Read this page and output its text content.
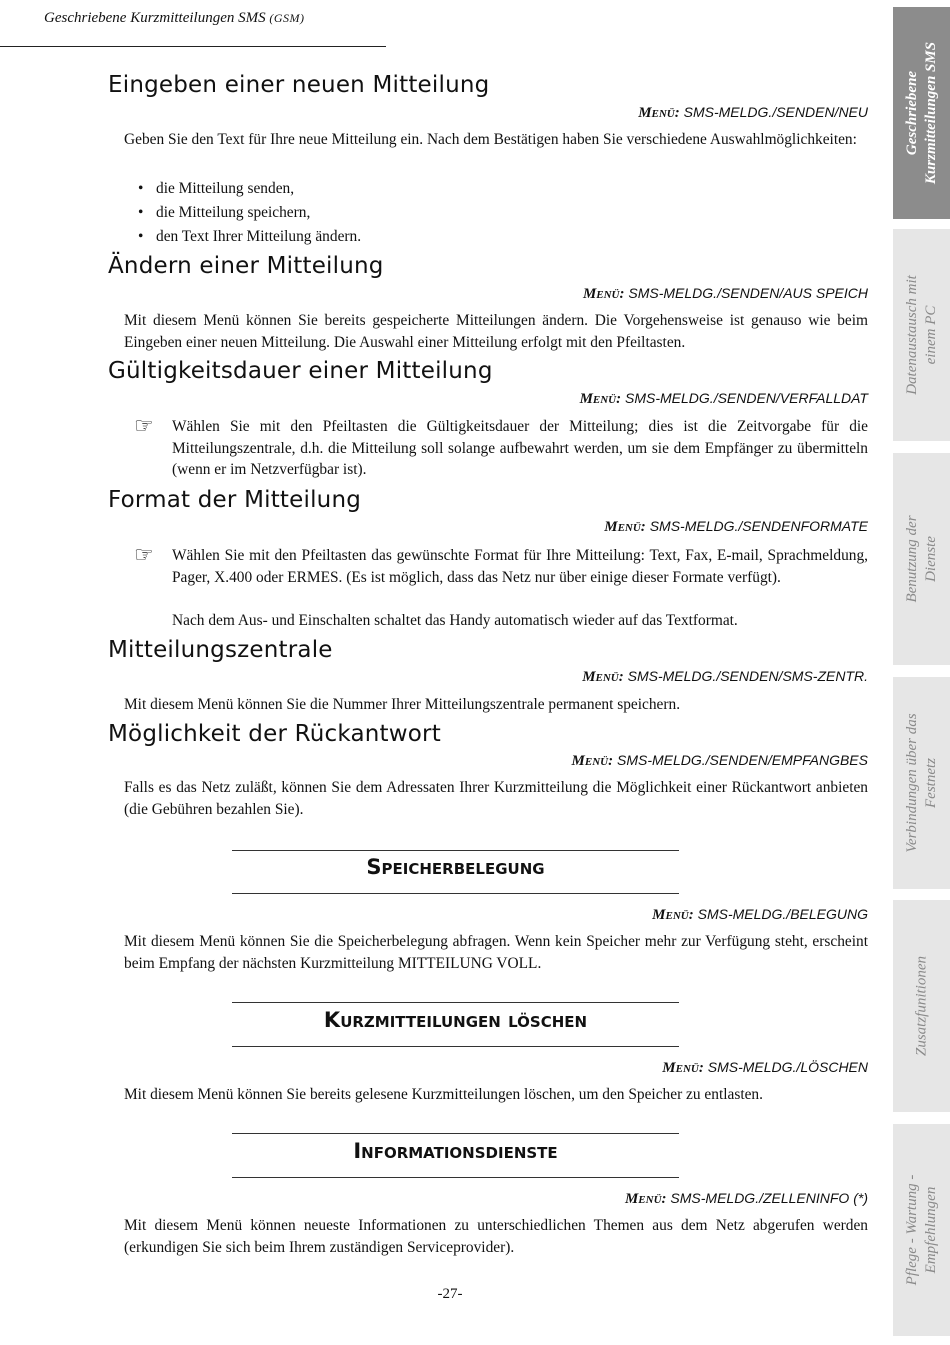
Geschriebene Kurzmitteilungen SMS (GSM)
Eingeben einer neuen Mitteilung
Menü: SMS-MELDG./SENDEN/NEU

Geben Sie den Text für Ihre neue Mitteilung ein. Nach dem Bestätigen haben Sie verschiedene Auswahlmöglichkeiten:

• die Mitteilung senden,
• die Mitteilung speichern,
• den Text Ihrer Mitteilung ändern.
Ändern einer Mitteilung
Menü: SMS-MELDG./SENDEN/AUS SPEICH

Mit diesem Menü können Sie bereits gespeicherte Mitteilungen ändern. Die Vorgehensweise ist genauso wie beim Eingeben einer neuen Mitteilung. Die Auswahl einer Mitteilung erfolgt mit den Pfeiltasten.

Gültigkeitsdauer einer Mitteilung
Menü: SMS-MELDG./SENDEN/VERFALLDAT
☞ Wählen Sie mit den Pfeiltasten die Gültigkeitsdauer der Mitteilung; dies ist die Zeitvorgabe für die Mitteilungszentrale, d.h. die Mitteilung soll solange aufbewahrt werden, um sie dem Empfänger zu übermitteln (wenn er im Netzverfügbar ist).

Format der Mitteilung
Menü: SMS-MELDG./SENDENFORMATE
☞ Wählen Sie mit den Pfeiltasten das gewünschte Format für Ihre Mitteilung: Text, Fax, E-mail, Sprachmeldung, Pager, X.400 oder ERMES. (Es ist möglich, dass das Netz nur über einige dieser Formate verfügt).

Nach dem Aus- und Einschalten schaltet das Handy automatisch wieder auf das Textformat.

Mitteilungszentrale
Menü: SMS-MELDG./SENDEN/SMS-ZENTR.

Mit diesem Menü können Sie die Nummer Ihrer Mitteilungszentrale permanent speichern.

Möglichkeit der Rückantwort
Menü: SMS-MELDG./SENDEN/EMPFANGBES

Falls es das Netz zuläßt, können Sie dem Adressaten Ihrer Kurzmitteilung die Möglichkeit einer Rückantwort anbieten (die Gebühren bezahlen Sie).

Speicherbelegung
Menü: SMS-MELDG./BELEGUNG

Mit diesem Menü können Sie die Speicherbelegung abfragen. Wenn kein Speicher mehr zur Verfügung steht, erscheint beim Empfang der nächsten Kurzmitteilung MITTEILUNG VOLL.

Kurzmitteilungen löschen
Menü: SMS-MELDG./LÖSCHEN

Mit diesem Menü können Sie bereits gelesene Kurzmitteilungen löschen, um den Speicher zu entlasten.

Informationsdienste
Menü: SMS-MELDG./ZELLENINFO (*)

Mit diesem Menü können neueste Informationen zu unterschiedlichen Themen aus dem Netz abgerufen werden (erkundigen Sie sich beim Ihrem zuständigen Serviceprovider).

-27-
Geschriebene
Kurzmitteilungen SMS
Datenaustausch mit
einem PC
Benutzung der
Dienste
Verbindungen über das
Festnetz
Zusatzfunitionen
Pflege - Wartung -
Empfehlungen
